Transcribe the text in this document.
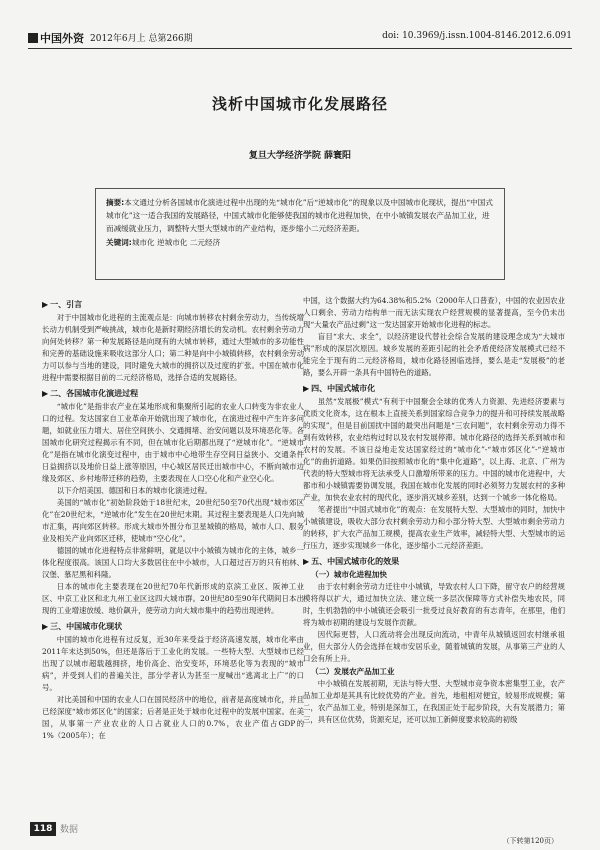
中国外资 2012年6月上 总第266期	doi: 10.3969/j.issn.1004-8146.2012.6.091
浅析中国城市化发展路径
复旦大学经济学院 薛寰阳
摘要:本文通过分析各国城市化演进过程中出现的先“城市化”后“逆城市化”的现象以及中国城市化现状，提出“中国式城市化”这一适合我国的发展路径，中国式城市化能够使我国的城市化进程加快，在中小城镇发展农产品加工业，进而减缓就业压力，调整特大型大型城市的产业结构，逐步缩小二元经济差距。
关键词:城市化 逆城市化 二元经济
▶ 一、引言

对于中国城市化进程的主流观点是：向城市转移农村剩余劳动力，当传统增长动力机制受到严峻挑战，城市化是新时期经济增长的发动机。农村剩余劳动力向何处转移？第一种发展路径是向现有的大城市转移，通过大型城市的多功能性和完善的基础设施来吸收这部分人口；第二种是向中小城镇转移，农村剩余劳动力可以参与当地的建设，同时避免大城市的拥挤以及过度的扩张。中国在城市化进程中需要根据目前的二元经济格局，选择合适的发展路径。

▶ 二、各国城市化演进过程

“城市化”是指非农产业在某地形成和集聚所引起的农业人口转变为非农业人口的过程。发达国家自工业革命开始就出现了城市化，在演进过程中产生许多问题，如就业压力增大、居住空间狭小、交通拥堵、治安问题以及环境恶化等。各国城市化研究过程揭示有不同，但在城市化后期都出现了“逆城市化”。“逆城市化”是指在城市化演变过程中，由于城市中心地带生存空间日益狭小、交通条件日益拥挤以及地价日益上涨等原因，中心城区居民迁出城市中心，不断向城市边缘及郊区、乡村地带迁移的趋势，主要表现在人口空心化和产业空心化。

以下介绍美国、德国和日本的城市化演进过程。

美国的“城市化”初始阶段始于18世纪末，20世纪50至70代出现“城市郊区化”在20世纪末，“逆城市化”发生在20世纪末期。其过程主要表现是人口先向城市汇集，再向郊区转移。形成大城市外围分布卫星城镇的格局，城市人口、服务业及相关产业向郊区迁移，使城市“空心化”。

德国的城市化进程特点非常鲜明，就是以中小城镇为城市化的主体，城乡一体化程度很高。该国人口均大多数居住在中小城市，人口超过百万的只有柏林、汉堡、慕尼黑和科隆。

日本的城市化主要表现在20世纪70年代新形成的京滨工业区、阪神工业区、中京工业区和北九州工业区这四大城市群。20世纪80至90年代期间日本出现的工业增速放缓、地价飙升，使劳动力向大城市集中的趋势出现逆转。

▶ 三、中国城市化现状

中国的城市化进程有过反复，近30年来受益于经济高速发展，城市化率由2011年末达到50%，但还是落后于工业化的发展。一些特大型、大型城市已经出现了以城市超载越拥挤，地价高企、治安变坏，环境恶化等为表现的“城市病”，并受到人们的普遍关注，部分学者认为甚至一度喊出“逃离北上广”的口号。

对比美国和中国的农业人口在国民经济中的地位，前者是高度城市化，并且已经深度“城市郊区化”的国家；后者是正处于城市化过程中的发展中国家。在美国，从事第一产业农业的人口占就业人口的0.7%，农业产值占GDP的1%（2005年）；在

中国，这个数据大约为64.38%和5.2%（2000年人口普查），中国的农业因农业人口剩余、劳动力结构单一而无法实现农户经营规模的显著提高，至今仍未出现“大量农产品过剩”这一发达国家开始城市化进程的标志。

盲目“求大、求全”，以经济建设代替社会综合发展的建设理念成为“大城市病”形成的深层次原因。城乡发展的差距引起的社会矛盾使经济发展模式已经不能完全于现有的二元经济格局，城市化路径困临选择，要么是走“发展极”的老路，要么开辟一条具有中国特色的道路。

▶ 四、中国式城市化

虽然“发展极”模式“有利于中国聚会全球的优秀人力资源、先进经济要素与优质文化资本，这在根本上直接关系到国家综合竞争力的提升和可持续发展战略的实现”，但是目前国扰中国的最突出问题是“三农问题”，农村剩余劳动力得不到有效转移，农业结构过时以及农村发展停滞。城市化路径的选择关系到城市和农村的发展。不该日益地走发达国家经过的“城市化”-“城市郊区化”-“逆城市化”的曲折道路。如果仍旧按照城市化的“集中化道路”，以上海、北京、广州为代表的特大型城市将无法承受人口激增所带来的压力。中国的城市化进程中，大都市和小城镇需要协调发展，我国在城市化发展的同时必须努力发展农村的多种产业，加快农业农村的现代化，逐步消灭城乡差别，达到一个城乡一体化格局。

笔者提出“中国式城市化”的观点：在发展特大型、大型城市的同时，加快中小城镇建设，吸收大部分农村剩余劳动力和小部分特大型、大型城市剩余劳动力的转移，扩大农产品加工规模，提高农业生产效率，减轻特大型、大型城市的运行压力，逐步实现城乡一体化，逐步缩小二元经济差距。

▶ 五、中国式城市化的效果
（一）城市化进程加快

由于农村剩余劳动力迁往中小城镇，导致农村人口下降，留守农户的经营规模将得以扩大，通过加快立法、建立统一多层次保障等方式补偿失地农民，同时，生机勃勃的中小城镇还会吸引一批受过良好教育的有志青年，在那里，他们将为城市初期的建设与发展作贡献。

因代际更替，人口流动将会出现反向流动，中青年从城镇返回农村继承祖业，但大部分人仍会选择在城市安居乐业，随着城镇的发展，从事第三产业的人口会有所上升。

（二）发展农产品加工业

中小城镇在发展初期，无法与特大型、大型城市竞争资本密集型工业，农产品加工业却是其具有比较优势的产业。首先，地租相对便宜，较易形成规模；第二，农产品加工业，特别是深加工，在我国正处于起步阶段，大有发展潜力；第三，具有区位优势，货源充足，还可以加工新鲜度要求较高的初级

（下转第120页）
118 数据
